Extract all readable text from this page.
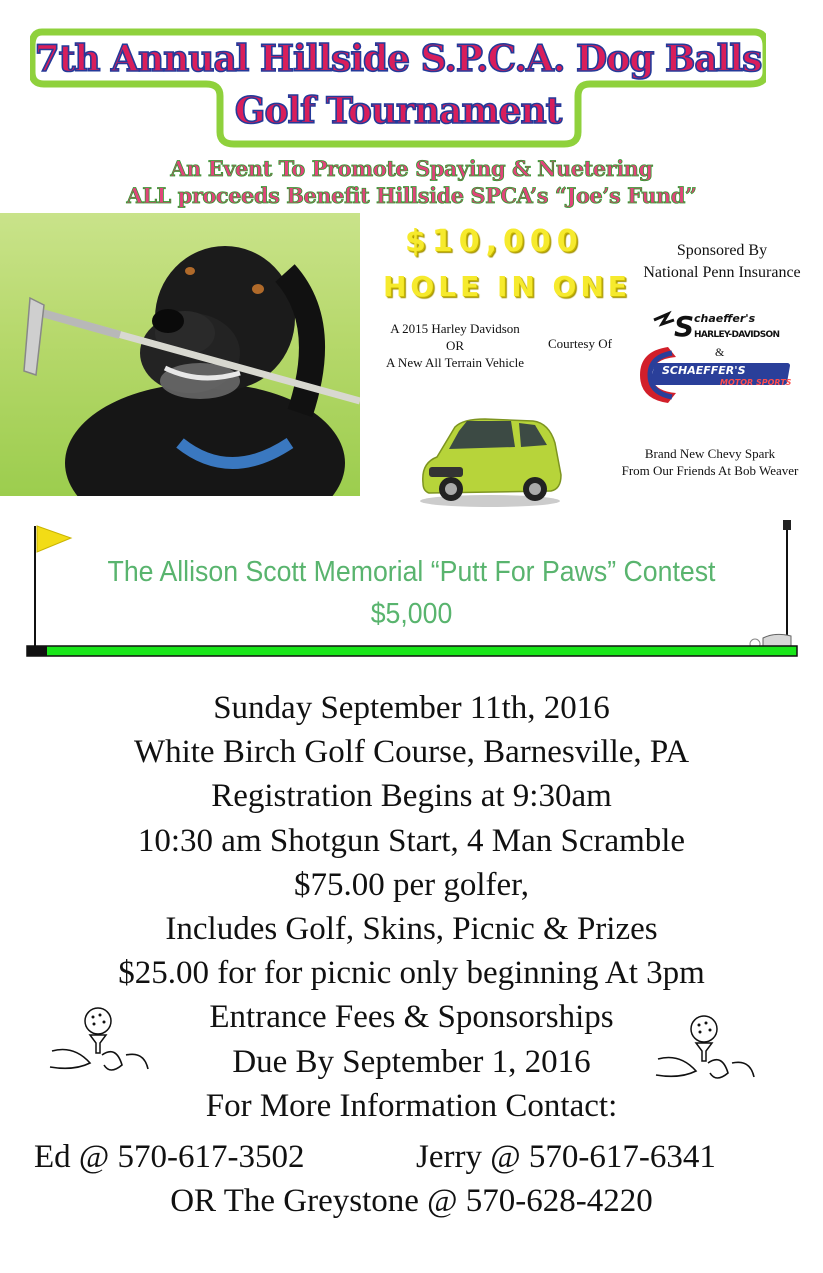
7th Annual Hillside S.P.C.A. Dog Balls
Golf Tournament
An Event To Promote Spaying & Nuetering
ALL proceeds Benefit Hillside SPCA’s “Joe’s Fund”
$10,000
HOLE IN ONE
A 2015 Harley Davidson
OR
A New All Terrain Vehicle
Courtesy Of
Sponsored By
National Penn Insurance
S chaeffer's
HARLEY-DAVIDSON
&
SCHAEFFER'S
MOTOR SPORTS
Brand New Chevy Spark
From Our Friends At Bob Weaver
The Allison Scott Memorial “Putt For Paws” Contest
$5,000
Sunday September 11th, 2016
White Birch Golf Course, Barnesville, PA
Registration Begins at 9:30am
10:30 am Shotgun Start, 4 Man Scramble
$75.00 per golfer,
Includes Golf, Skins, Picnic & Prizes
$25.00 for for picnic only beginning At 3pm
Entrance Fees & Sponsorships
Due By September 1, 2016
For More Information Contact:
Ed @ 570-617-3502	Jerry @ 570-617-6341
OR The Greystone @ 570-628-4220
